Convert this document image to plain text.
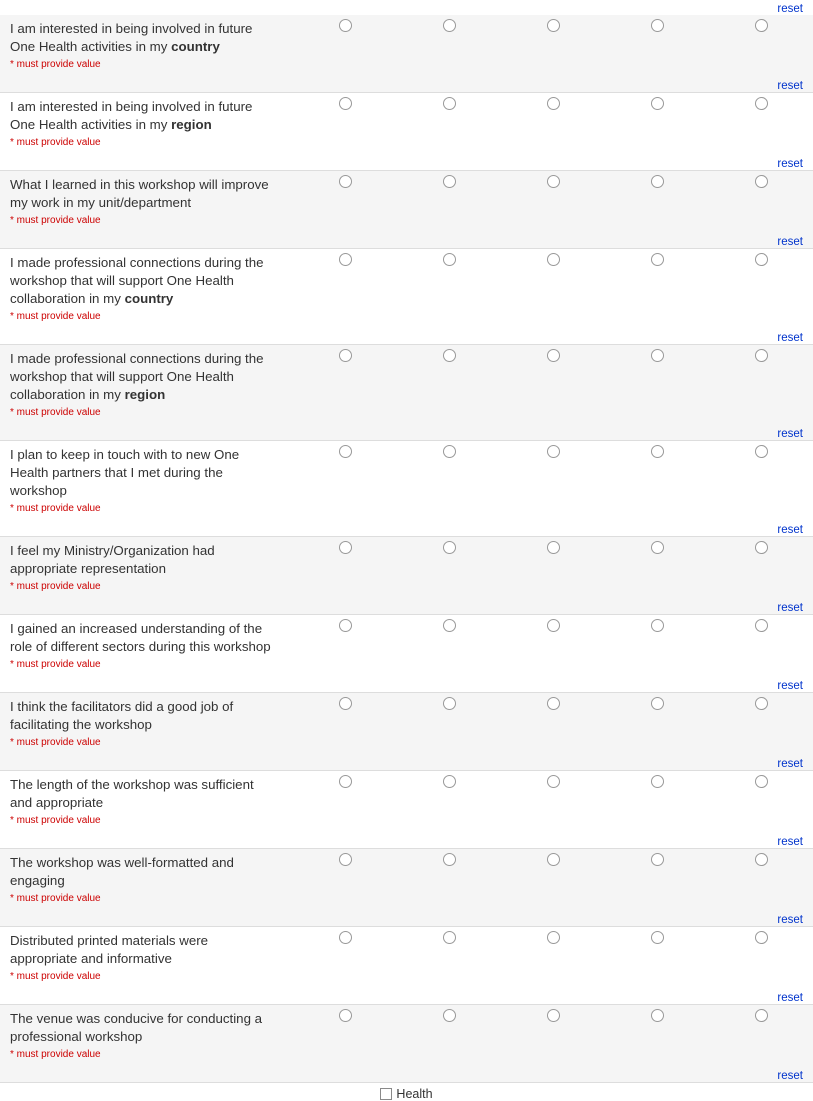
reset
I am interested in being involved in future One Health activities in my country
* must provide value
reset
I am interested in being involved in future One Health activities in my region
* must provide value
reset
What I learned in this workshop will improve my work in my unit/department
* must provide value
reset
I made professional connections during the workshop that will support One Health collaboration in my country
* must provide value
reset
I made professional connections during the workshop that will support One Health collaboration in my region
* must provide value
reset
I plan to keep in touch with to new One Health partners that I met during the workshop
* must provide value
reset
I feel my Ministry/Organization had appropriate representation
* must provide value
reset
I gained an increased understanding of the role of different sectors during this workshop
* must provide value
reset
I think the facilitators did a good job of facilitating the workshop
* must provide value
reset
The length of the workshop was sufficient and appropriate
* must provide value
reset
The workshop was well-formatted and engaging
* must provide value
reset
Distributed printed materials were appropriate and informative
* must provide value
reset
The venue was conducive for conducting a professional workshop
* must provide value
reset
Health
